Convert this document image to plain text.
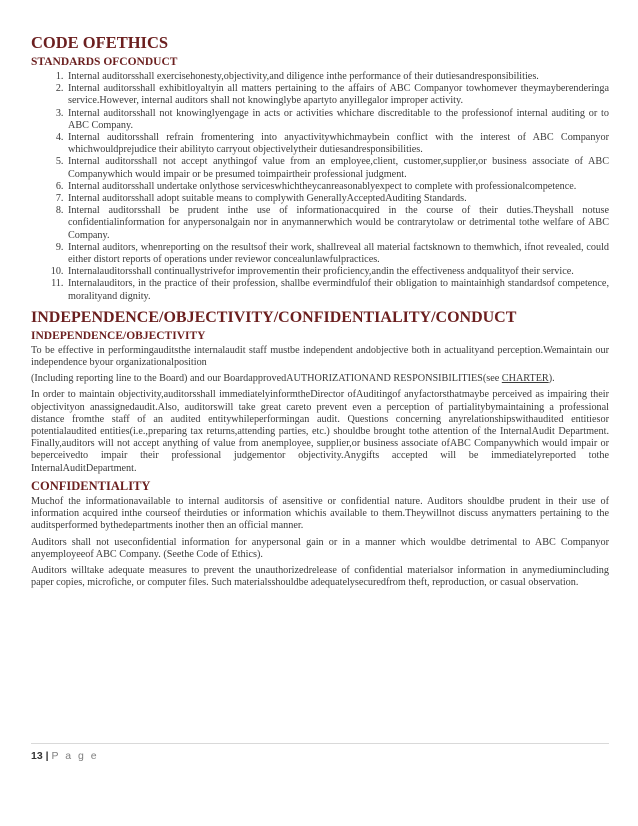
CODE OFETHICS
STANDARDS OFCONDUCT
1. Internal auditorsshall exercisehonesty,objectivity,and diligence inthe performance of their dutiesandresponsibilities.
2. Internal auditorsshall exhibitloyaltyin all matters pertaining to the affairs of ABC Companyor towhomever theymayberenderinga service.However, internal auditors shall not knowinglybe apartyto anyillegalor improper activity.
3. Internal auditorsshall not knowinglyengage in acts or activities whichare discreditable to the professionof internal auditing or to ABC Company.
4. Internal auditorsshall refrain fromentering into anyactivitywhichmaybein conflict with the interest of ABC Companyor whichwouldprejudice their abilityto carryout objectivelytheir dutiesandresponsibilities.
5. Internal auditorsshall not accept anythingof value from an employee,client, customer,supplier,or business associate of ABC Companywhich would impair or be presumed toimpairtheir professional judgment.
6. Internal auditorsshall undertake onlythose serviceswhichtheycanreasonablyexpect to complete with professionalcompetence.
7. Internal auditorsshall adopt suitable means to complywith GenerallyAcceptedAuditing Standards.
8. Internal auditorsshall be prudent inthe use of informationacquired in the course of their duties.Theyshall notuse confidentialinformation for anypersonalgain nor in anymannerwhich would be contrarytolaw or detrimental tothe welfare of ABC Company.
9. Internal auditors, whenreporting on the resultsof their work, shallreveal all material factsknown to themwhich, ifnot revealed, could either distort reports of operations under reviewor concealunlawfulpractices.
10. Internalauditorsshall continuallystrivefor improvementin their proficiency,andin the effectiveness andqualityof their service.
11. Internalauditors, in the practice of their profession, shallbe evermindfulof their obligation to maintainhigh standardsof competence, moralityand dignity.
INDEPENDENCE/OBJECTIVITY/CONFIDENTIALITY/CONDUCT
INDEPENDENCE/OBJECTIVITY

To be effective in performingauditsthe internalaudit staff mustbe independent andobjective both in actualityand perception.Wemaintain our independence byour organizationalposition

(Including reporting line to the Board) and our BoardapprovedAUTHORIZATIONAND RESPONSIBILITIES(see CHARTER).

In order to maintain objectivity,auditorsshall immediatelyinformtheDirector ofAuditingof anyfactorsthatmaybe perceived as impairing their objectivityon anassignedaudit.Also, auditorswill take great careto prevent even a perception of partialitybymaintaining a professional distance fromthe staff of an audited entitywhileperformingan audit. Questions concerning anyrelationshipswithaudited entitiesor potentialaudited entities(i.e.,preparing tax returns,attending parties, etc.) shouldbe brought tothe attention of the InternalAudit Department. Finally,auditors will not accept anything of value from anemployee, supplier,or business associate ofABC Companywhich would impair or beperceivedto impair their professional judgementor objectivity.Anygifts accepted will be immediatelyreported tothe InternalAuditDepartment.

CONFIDENTIALITY

Muchof the informationavailable to internal auditorsis of asensitive or confidential nature. Auditors shouldbe prudent in their use of information acquired inthe courseof theirduties or information whichis available to them.Theywillnot discuss anymatters pertaining to the auditsperformed bythedepartments inother then an official manner.

Auditors shall not useconfidential information for anypersonal gain or in a manner which wouldbe detrimental to ABC Companyor anyemployeeof ABC Company. (Seethe Code of Ethics).

Auditors willtake adequate measures to prevent the unauthorizedrelease of confidential materialsor information in anymediumincluding paper copies, microfiche, or computer files. Such materialsshouldbe adequatelysecuredfrom theft, reproduction, or casual observation.

13 | P a g e
